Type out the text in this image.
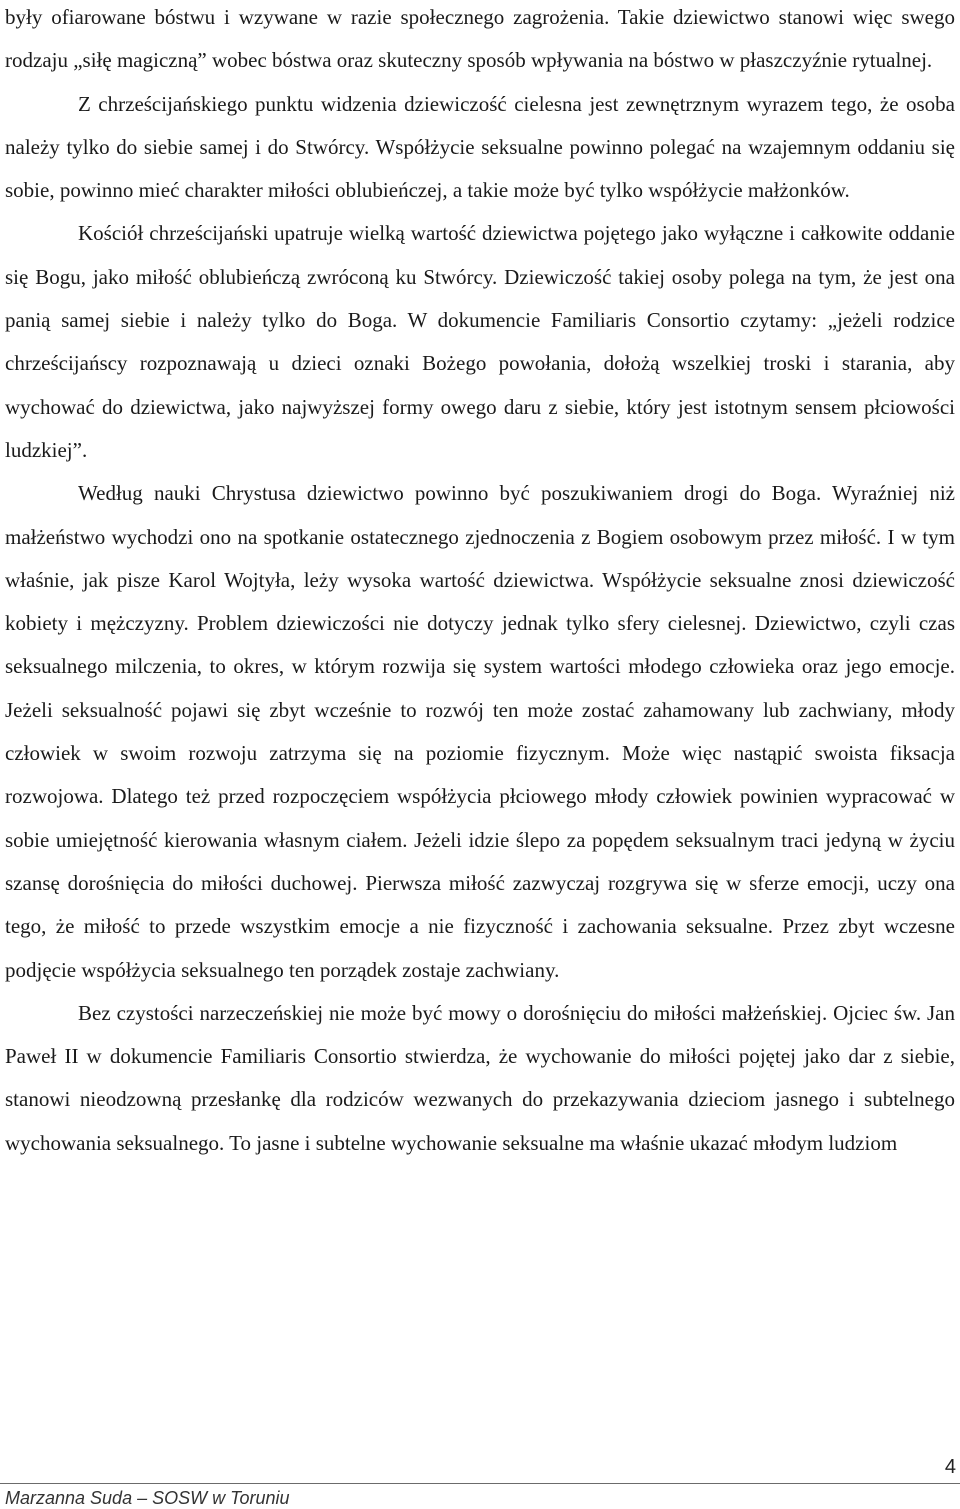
były ofiarowane bóstwu i wzywane w razie społecznego zagrożenia. Takie dziewictwo stanowi więc swego rodzaju „siłę magiczną” wobec bóstwa oraz skuteczny sposób wpływania na bóstwo w płaszczyźnie rytualnej.

Z chrześcijańskiego punktu widzenia dziewiczość cielesna jest zewnętrznym wyrazem tego, że osoba należy tylko do siebie samej i do Stwórcy. Współżycie seksualne powinno polegać na wzajemnym oddaniu się sobie, powinno mieć charakter miłości oblubieńczej, a takie może być tylko współżycie małżonków.

Kościół chrześcijański upatruje wielką wartość dziewictwa pojętego jako wyłączne i całkowite oddanie się Bogu, jako miłość oblubieńczą zwróconą ku Stwórcy. Dziewiczość takiej osoby polega na tym, że jest ona panią samej siebie i należy tylko do Boga. W dokumencie Familiaris Consortio czytamy: „jeżeli rodzice chrześcijańscy rozpoznawają u dzieci oznaki Bożego powołania, dołożą wszelkiej troski i starania, aby wychować do dziewictwa, jako najwyższej formy owego daru z siebie, który jest istotnym sensem płciowości ludzkiej”.

Według nauki Chrystusa dziewictwo powinno być poszukiwaniem drogi do Boga. Wyraźniej niż małżeństwo wychodzi ono na spotkanie ostatecznego zjednoczenia z Bogiem osobowym przez miłość. I w tym właśnie, jak pisze Karol Wojtyła, leży wysoka wartość dziewictwa. Współżycie seksualne znosi dziewiczość kobiety i mężczyzny. Problem dziewiczości nie dotyczy jednak tylko sfery cielesnej. Dziewictwo, czyli czas seksualnego milczenia, to okres, w którym rozwija się system wartości młodego człowieka oraz jego emocje. Jeżeli seksualność pojawi się zbyt wcześnie to rozwój ten może zostać zahamowany lub zachwiany, młody człowiek w swoim rozwoju zatrzyma się na poziomie fizycznym. Może więc nastąpić swoista fiksacja rozwojowa. Dlatego też przed rozpoczęciem współżycia płciowego młody człowiek powinien wypracować w sobie umiejętność kierowania własnym ciałem. Jeżeli idzie ślepo za popędem seksualnym traci jedyną w życiu szansę dorośnięcia do miłości duchowej. Pierwsza miłość zazwyczaj rozgrywa się w sferze emocji, uczy ona tego, że miłość to przede wszystkim emocje a nie fizyczność i zachowania seksualne. Przez zbyt wczesne podjęcie współżycia seksualnego ten porządek zostaje zachwiany.

Bez czystości narzeczeńskiej nie może być mowy o dorośnięciu do miłości małżeńskiej. Ojciec św. Jan Paweł II w dokumencie Familiaris Consortio stwierdza, że wychowanie do miłości pojętej jako dar z siebie, stanowi nieodzowną przesłankę dla rodziców wezwanych do przekazywania dzieciom jasnego i subtelnego wychowania seksualnego. To jasne i subtelne wychowanie seksualne ma właśnie ukazać młodym ludziom

4
Marzanna Suda – SOSW w Toruniu
